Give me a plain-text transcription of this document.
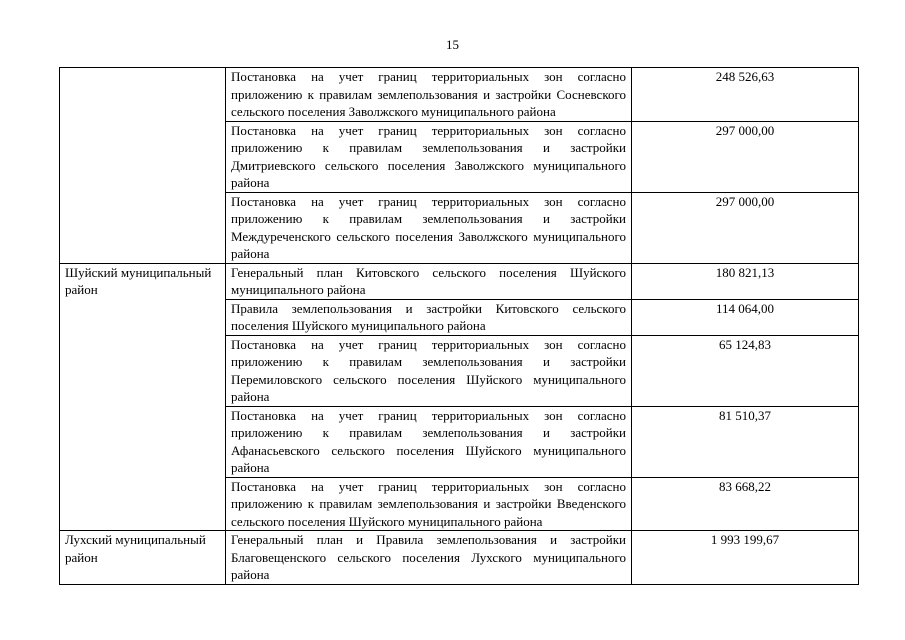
15
	Постановка на учет границ территориальных зон согласно приложению к правилам землепользования и застройки Сосневского сельского поселения Заволжского муниципального района	248 526,63
	Постановка на учет границ территориальных зон согласно приложению к правилам землепользования и застройки Дмитриевского сельского поселения Заволжского муниципального района	297 000,00
	Постановка на учет границ территориальных зон согласно приложению к правилам землепользования и застройки Междуреченского сельского поселения Заволжского муниципального района	297 000,00
Шуйский муниципальный район	Генеральный план Китовского сельского поселения Шуйского муниципального района	180 821,13
	Правила землепользования и застройки Китовского сельского поселения Шуйского муниципального района	114 064,00
	Постановка на учет границ территориальных зон согласно приложению к правилам землепользования и застройки Перемиловского сельского поселения Шуйского муниципального района	65 124,83
	Постановка на учет границ территориальных зон согласно приложению к правилам землепользования и застройки Афанасьевского сельского поселения Шуйского муниципального района	81 510,37
	Постановка на учет границ территориальных зон согласно приложению к правилам землепользования и застройки Введенского сельского поселения Шуйского муниципального района	83 668,22
Лухский муниципальный район	Генеральный план и Правила землепользования и застройки Благовещенского сельского поселения Лухского муниципального района	1 993 199,67
